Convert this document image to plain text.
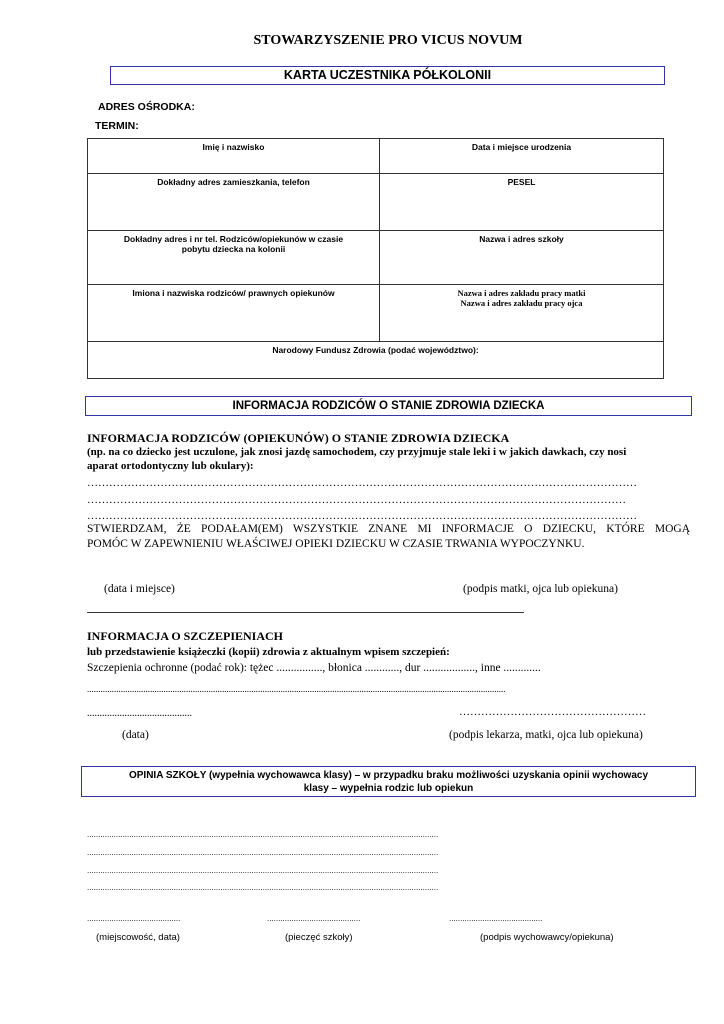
STOWARZYSZENIE PRO VICUS NOVUM
KARTA UCZESTNIKA PÓŁKOLONII
ADRES OŚRODKA:
TERMIN:
Imię i nazwisko	Data i miejsce urodzenia
Dokładny adres zamieszkania, telefon	PESEL

Dokładny adres i nr tel. Rodziców/opiekunów w czasie
pobytu dziecka na kolonii	Nazwa i adres szkoły
Imiona i nazwiska rodziców/ prawnych opiekunów	Nazwa i adres zakładu pracy matki
Nazwa i adres zakładu pracy ojca

Narodowy Fundusz Zdrowia (podać województwo):	
INFORMACJA RODZICÓW O STANIE ZDROWIA DZIECKA
INFORMACJA RODZICÓW (OPIEKUNÓW) O STANIE ZDROWIA DZIECKA
(np. na co dziecko jest uczulone, jak znosi jazdę samochodem, czy przyjmuje stale leki i w jakich dawkach, czy nosi
aparat ortodontyczny lub okulary):
……………………………………………………………………………………………………………………………………
…………………………………………………………………………………………………………………………………
……………………………………………………………………………………………………………………………………
STWIERDZAM, ŻE PODAŁAM(EM) WSZYSTKIE ZNANE MI INFORMACJE O DZIECKU, KTÓRE MOGĄ
POMÓC W ZAPEWNIENIU WŁAŚCIWEJ OPIEKI DZIECKU W CZASIE TRWANIA WYPOCZYNKU.
(data i miejsce)	(podpis matki, ojca lub opiekuna)
INFORMACJA O SZCZEPIENIACH
lub przedstawienie książeczki (kopii) zdrowia z aktualnym wpisem szczepień:
Szczepienia ochronne (podać rok): tężec ................, błonica ............, dur .................., inne .............
..........................................................................................................................................................................................
..........................................	……………………………………………
(data)	(podpis lekarza, matki, ojca lub opiekuna)
OPINIA SZKOŁY (wypełnia wychowawca klasy) – w przypadku braku możliwości uzyskania opinii wychowacy
klasy – wypełnia rodzic lub opiekun
..............................................................................................................................................................
..............................................................................................................................................................
..............................................................................................................................................................
..............................................................................................................................................................
..........................................	..........................................	..........................................
(miejscowość, data)	(pieczęć szkoły)	(podpis wychowawcy/opiekuna)
